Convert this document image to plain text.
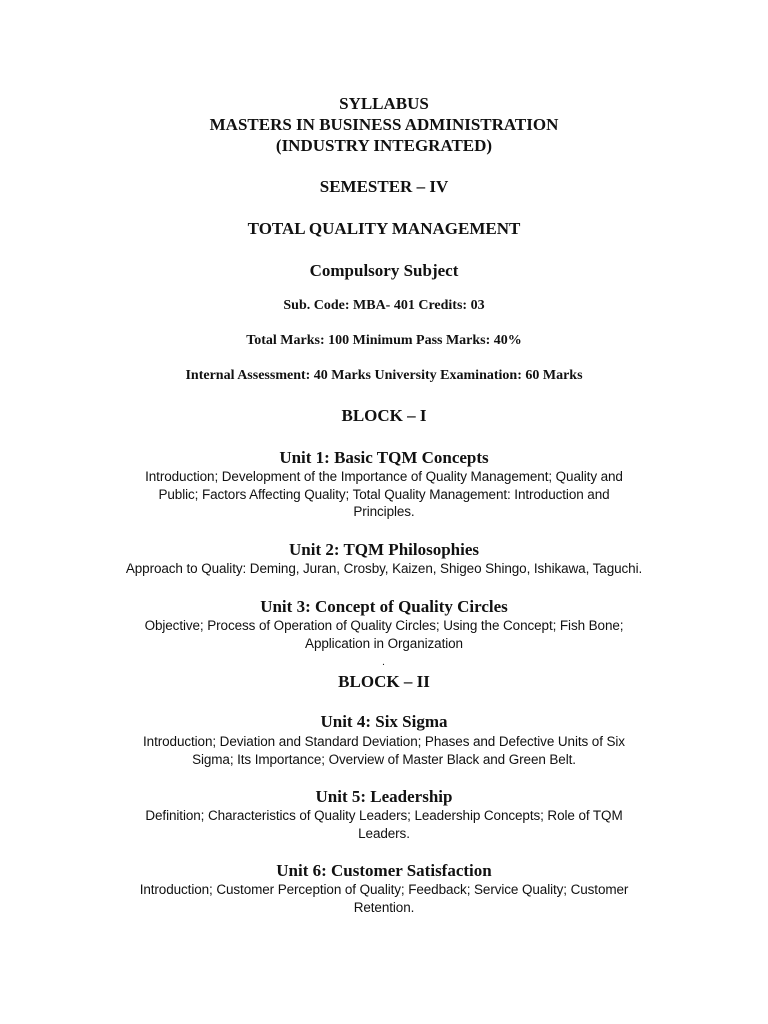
SYLLABUS
MASTERS IN BUSINESS ADMINISTRATION
(INDUSTRY INTEGRATED)
SEMESTER – IV
TOTAL QUALITY MANAGEMENT
Compulsory Subject
Sub. Code: MBA- 401 Credits: 03
Total Marks: 100 Minimum Pass Marks: 40%
Internal Assessment: 40 Marks University Examination: 60 Marks
BLOCK – I
Unit 1: Basic TQM Concepts
Introduction; Development of the Importance of Quality Management; Quality and
Public; Factors Affecting Quality; Total Quality Management: Introduction and
Principles.
Unit 2: TQM Philosophies
Approach to Quality: Deming, Juran, Crosby, Kaizen, Shigeo Shingo, Ishikawa, Taguchi.
Unit 3: Concept of Quality Circles
Objective; Process of Operation of Quality Circles; Using the Concept; Fish Bone;
Application in Organization
.
BLOCK – II
Unit 4: Six Sigma
Introduction; Deviation and Standard Deviation; Phases and Defective Units of Six
Sigma; Its Importance; Overview of Master Black and Green Belt.
Unit 5: Leadership
Definition; Characteristics of Quality Leaders; Leadership Concepts; Role of TQM
Leaders.
Unit 6: Customer Satisfaction
Introduction; Customer Perception of Quality; Feedback; Service Quality; Customer
Retention.
